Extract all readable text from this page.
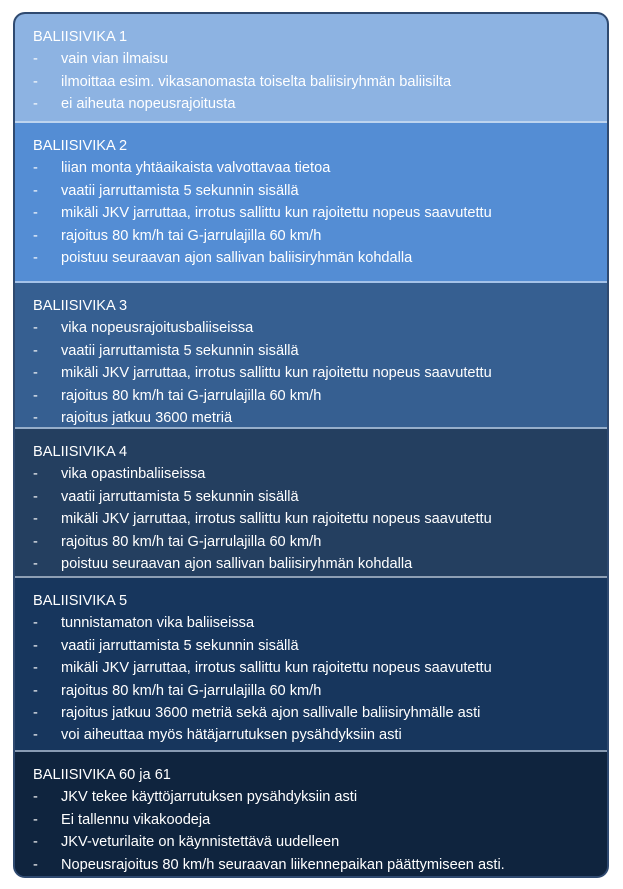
BALIISIVIKA 1
-	vain vian ilmaisu
-	ilmoittaa esim. vikasanomasta toiselta baliisiryhmän baliisilta
-	ei aiheuta nopeusrajoitusta
BALIISIVIKA 2
-	liian monta yhtäaikaista valvottavaa tietoa
-	vaatii jarruttamista 5 sekunnin sisällä
-	mikäli JKV jarruttaa, irrotus sallittu kun rajoitettu nopeus saavutettu
-	rajoitus 80 km/h tai G-jarrulajilla 60 km/h
-	poistuu seuraavan ajon sallivan baliisiryhmän kohdalla
BALIISIVIKA 3
-	vika nopeusrajoitusbaliiseissa
-	vaatii jarruttamista 5 sekunnin sisällä
-	mikäli JKV jarruttaa, irrotus sallittu kun rajoitettu nopeus saavutettu
-	rajoitus 80 km/h tai G-jarrulajilla 60 km/h
-	rajoitus jatkuu 3600 metriä
BALIISIVIKA 4
-	vika opastinbaliiseissa
-	vaatii jarruttamista 5 sekunnin sisällä
-	mikäli JKV jarruttaa, irrotus sallittu kun rajoitettu nopeus saavutettu
-	rajoitus 80 km/h tai G-jarrulajilla 60 km/h
-	poistuu seuraavan ajon sallivan baliisiryhmän kohdalla
BALIISIVIKA 5
-	tunnistamaton vika baliiseissa
-	vaatii jarruttamista 5 sekunnin sisällä
-	mikäli JKV jarruttaa, irrotus sallittu kun rajoitettu nopeus saavutettu
-	rajoitus 80 km/h tai G-jarrulajilla 60 km/h
-	rajoitus jatkuu 3600 metriä sekä ajon sallivalle baliisiryhmälle asti
-	voi aiheuttaa myös hätäjarrutuksen pysähdyksiin asti
BALIISIVIKA 60 ja 61
-	JKV tekee käyttöjarrutuksen pysähdyksiin asti
-	Ei tallennu vikakoodeja
-	JKV-veturilaite on käynnistettävä uudelleen
-	Nopeusrajoitus 80 km/h seuraavan liikennepaikan päättymiseen asti.
